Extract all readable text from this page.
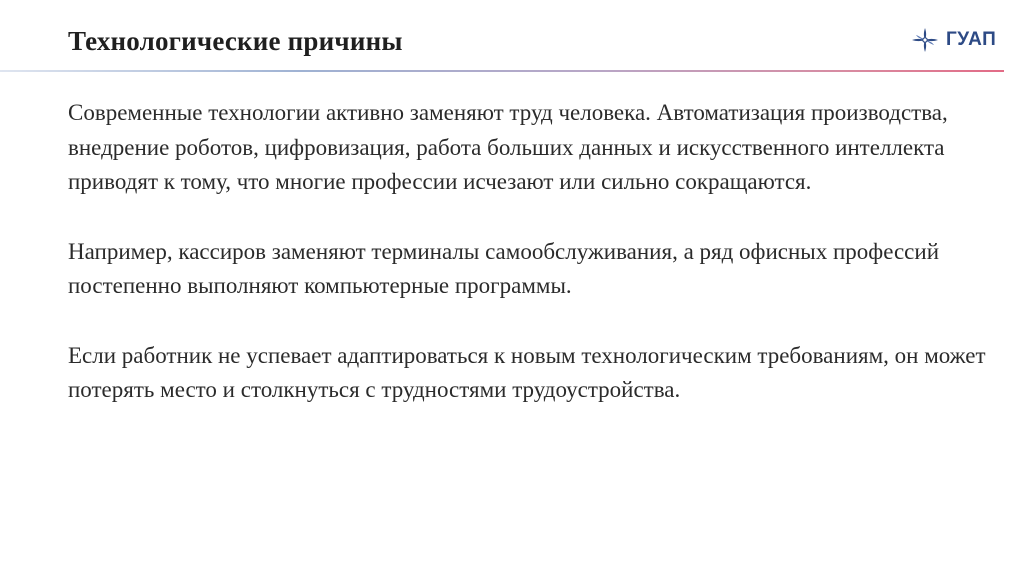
Технологические причины	ГУАП

Современные технологии активно заменяют труд человека. Автоматизация производства, внедрение роботов, цифровизация, работа больших данных и искусственного интеллекта приводят к тому, что многие профессии исчезают или сильно сокращаются.

Например, кассиров заменяют терминалы самообслуживания, а ряд офисных профессий постепенно выполняют компьютерные программы.

Если работник не успевает адаптироваться к новым технологическим требованиям, он может потерять место и столкнуться с трудностями трудоустройства.
